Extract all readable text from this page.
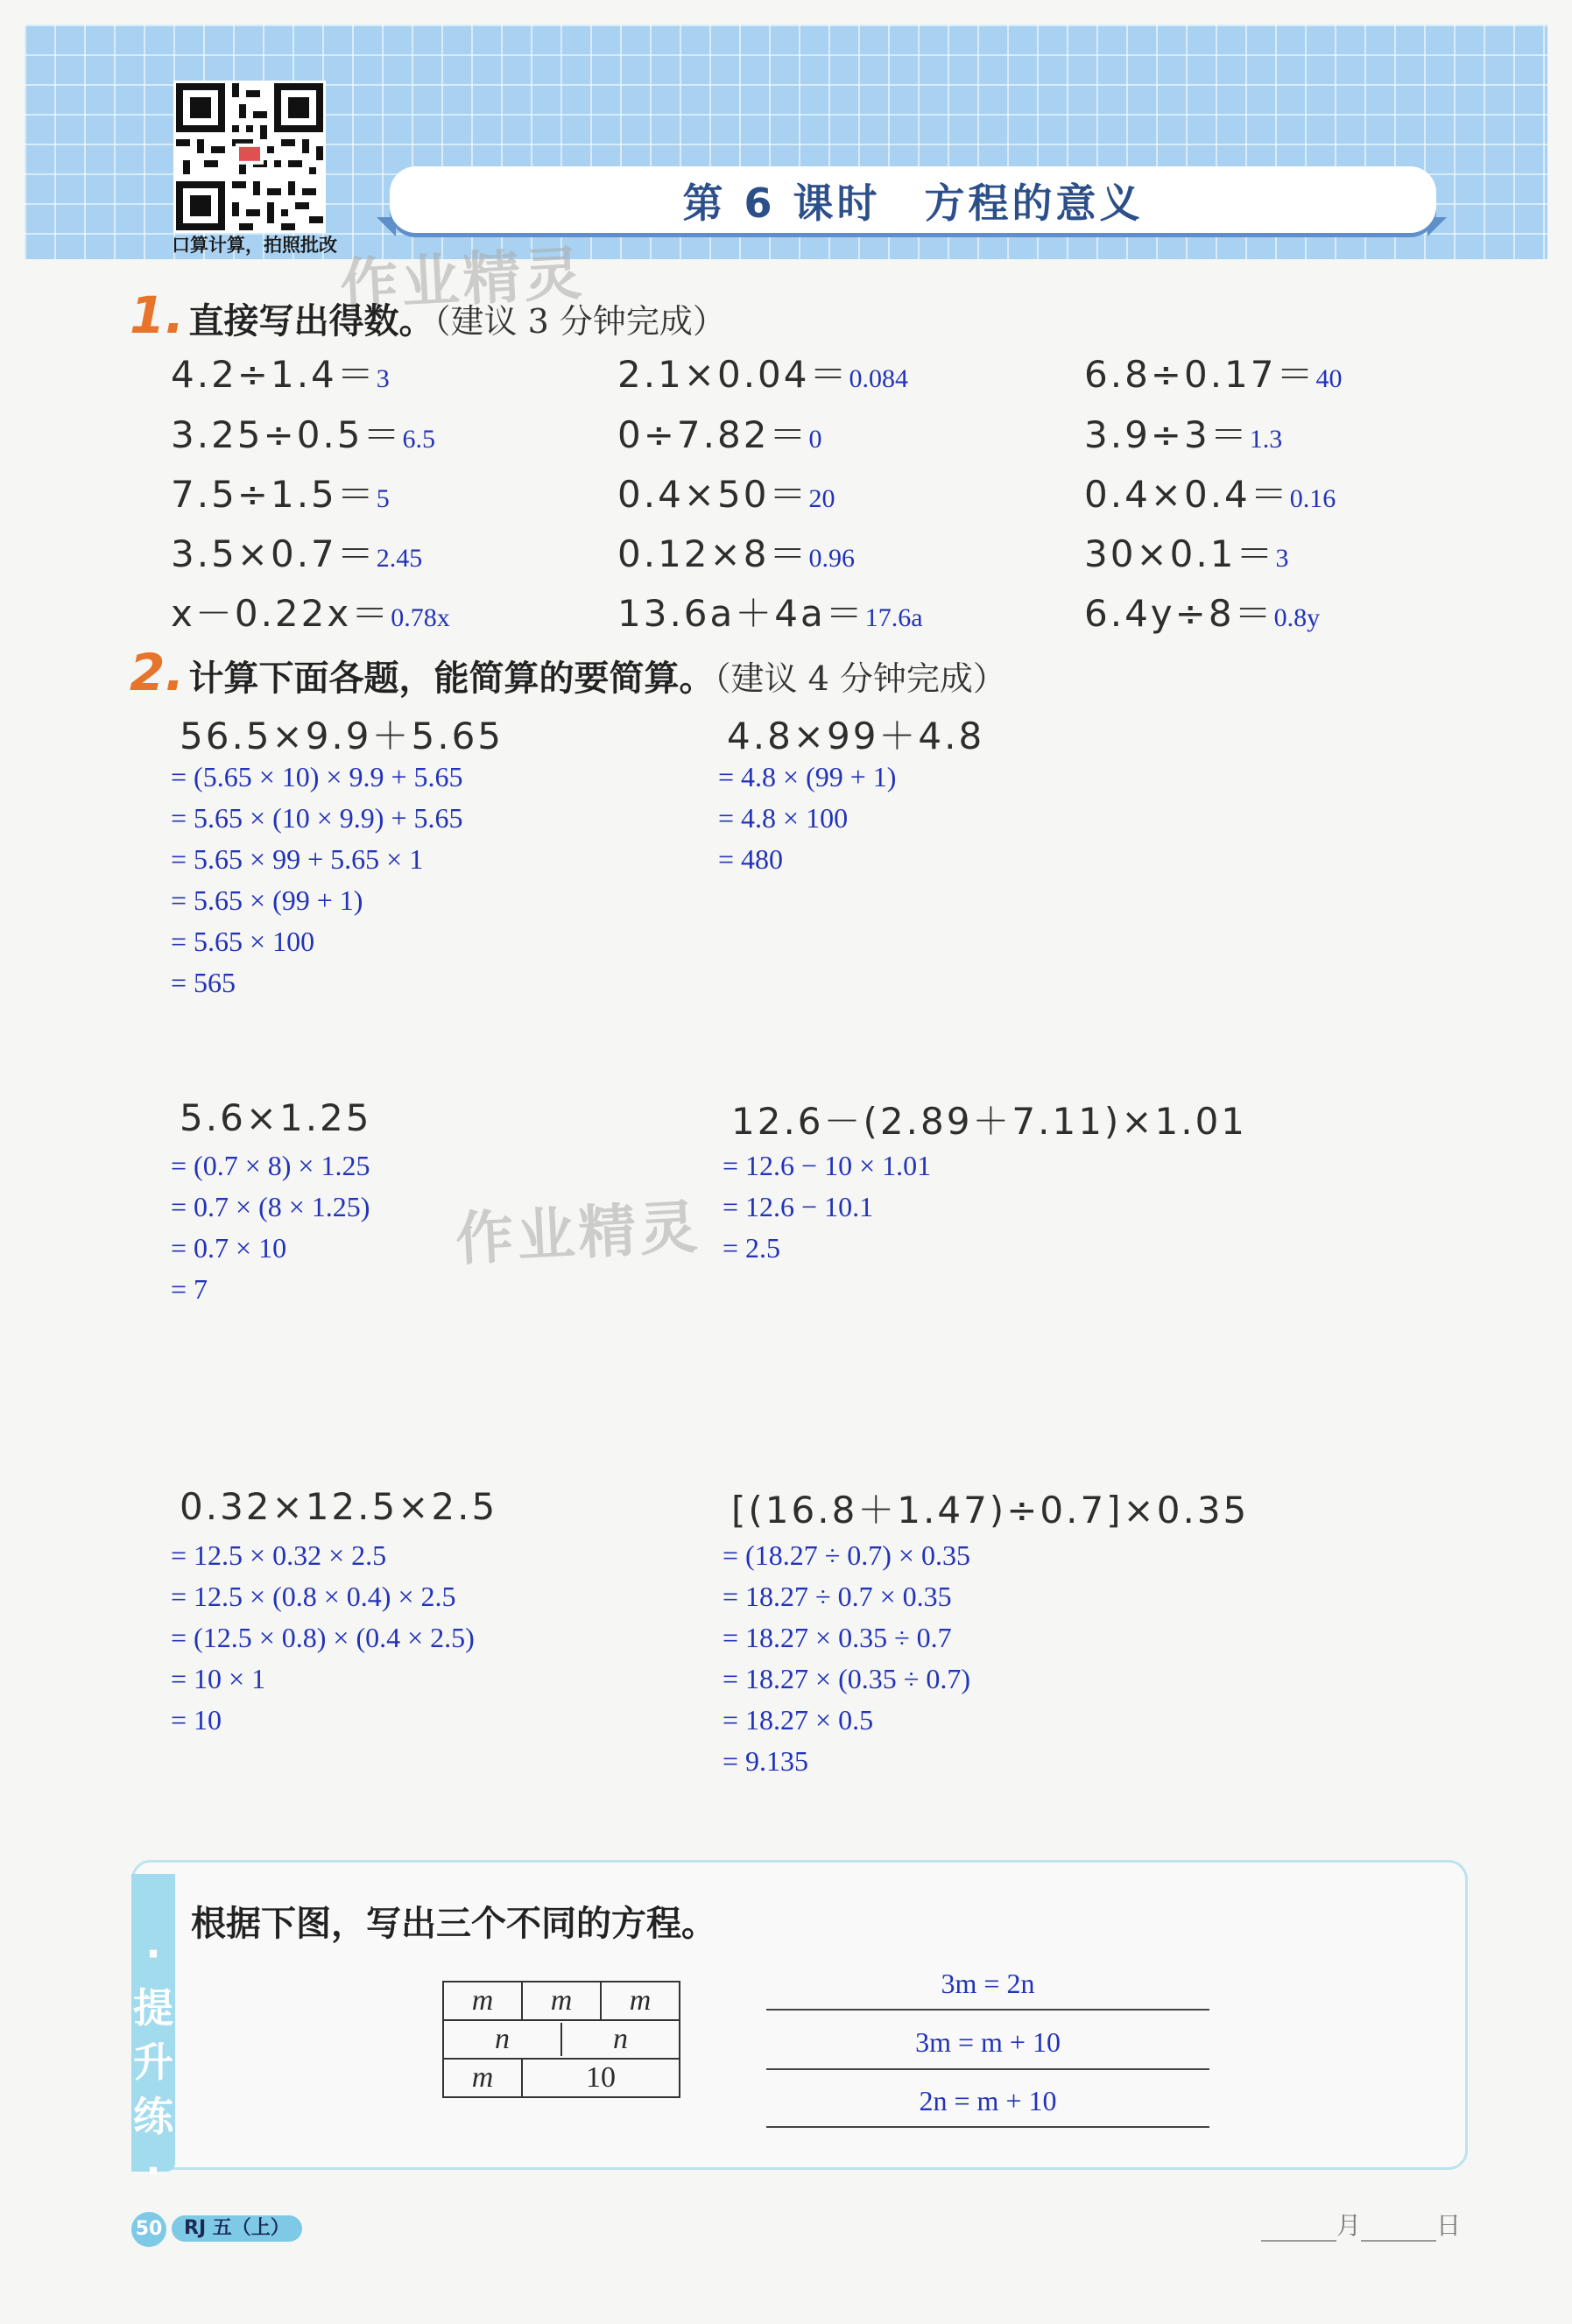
口算计算，拍照批改
第 6 课时　方程的意义
作业精灵
作业精灵
1. 直接写出得数。（建议 3 分钟完成）
4.2÷1.4＝3	2.1×0.04＝0.084	6.8÷0.17＝40
3.25÷0.5＝6.5	0÷7.82＝0	3.9÷3＝1.3
7.5÷1.5＝5	0.4×50＝20	0.4×0.4＝0.16
3.5×0.7＝2.45	0.12×8＝0.96	30×0.1＝3
x－0.22x＝0.78x	13.6a＋4a＝17.6a	6.4y÷8＝0.8y
2. 计算下面各题，能简算的要简算。（建议 4 分钟完成）
56.5×9.9＋5.65
= (5.65 × 10) × 9.9 + 5.65
= 5.65 × (10 × 9.9) + 5.65
= 5.65 × 99 + 5.65 × 1
= 5.65 × (99 + 1)
= 5.65 × 100
= 565
4.8×99＋4.8
= 4.8 × (99 + 1)
= 4.8 × 100
= 480
5.6×1.25
= (0.7 × 8) × 1.25
= 0.7 × (8 × 1.25)
= 0.7 × 10
= 7
12.6－(2.89＋7.11)×1.01
= 12.6 − 10 × 1.01
= 12.6 − 10.1
= 2.5
0.32×12.5×2.5
= 12.5 × 0.32 × 2.5
= 12.5 × (0.8 × 0.4) × 2.5
= (12.5 × 0.8) × (0.4 × 2.5)
= 10 × 1
= 10
[(16.8＋1.47)÷0.7]×0.35
= (18.27 ÷ 0.7) × 0.35
= 18.27 ÷ 0.7 × 0.35
= 18.27 × 0.35 ÷ 0.7
= 18.27 × (0.35 ÷ 0.7)
= 18.27 × 0.5
= 9.135
·提升练·
根据下图，写出三个不同的方程。
m	m	m

n	n

m	10
3m = 2n
3m = m + 10
2n = m + 10
50	RJ 五（上）	月	日
